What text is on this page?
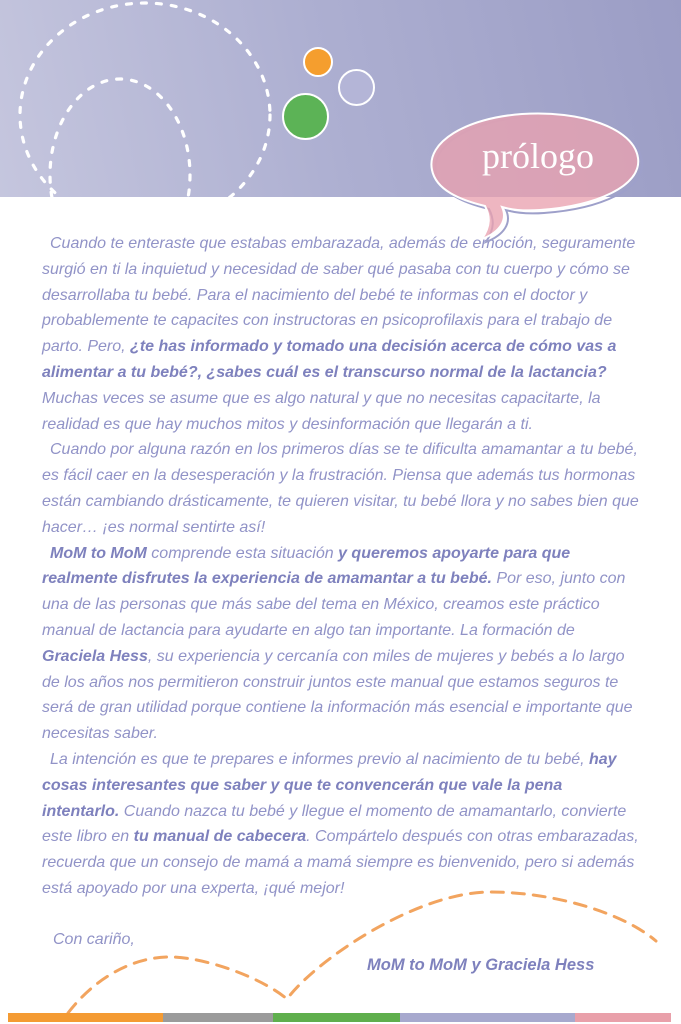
prólogo

Cuando te enteraste que estabas embarazada, además de emoción, seguramente surgió en ti la inquietud y necesidad de saber qué pasaba con tu cuerpo y cómo se desarrollaba tu bebé. Para el nacimiento del bebé te informas con el doctor y probablemente te capacites con instructoras en psicoprofilaxis para el trabajo de parto. Pero, ¿te has informado y tomado una decisión acerca de cómo vas a alimentar a tu bebé?, ¿sabes cuál es el transcurso normal de la lactancia? Muchas veces se asume que es algo natural y que no necesitas capacitarte, la realidad es que hay muchos mitos y desinformación que llegarán a ti.

Cuando por alguna razón en los primeros días se te dificulta amamantar a tu bebé, es fácil caer en la desesperación y la frustración. Piensa que además tus hormonas están cambiando drásticamente, te quieren visitar, tu bebé llora y no sabes bien que hacer… ¡es normal sentirte así!

MoM to MoM comprende esta situación y queremos apoyarte para que realmente disfrutes la experiencia de amamantar a tu bebé. Por eso, junto con una de las personas que más sabe del tema en México, creamos este práctico manual de lactancia para ayudarte en algo tan importante. La formación de Graciela Hess, su experiencia y cercanía con miles de mujeres y bebés a lo largo de los años nos permitieron construir juntos este manual que estamos seguros te será de gran utilidad porque contiene la información más esencial e importante que necesitas saber.

La intención es que te prepares e informes previo al nacimiento de tu bebé, hay cosas interesantes que saber y que te convencerán que vale la pena intentarlo. Cuando nazca tu bebé y llegue el momento de amamantarlo, convierte este libro en tu manual de cabecera. Compártelo después con otras embarazadas, recuerda que un consejo de mamá a mamá siempre es bienvenido, pero si además está apoyado por una experta, ¡qué mejor!

Con cariño,
MoM to MoM y Graciela Hess
